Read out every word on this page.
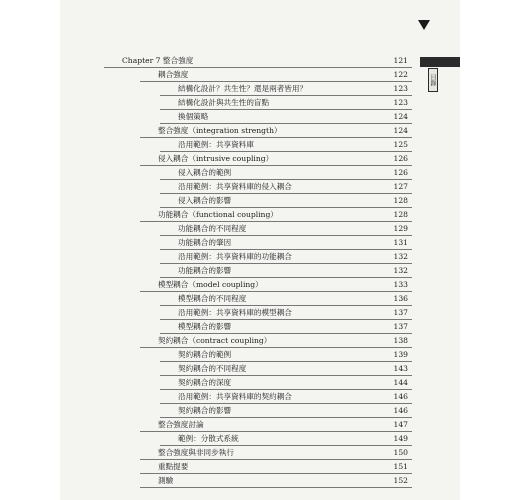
目錄
Chapter 7 整合強度	121
耦合強度	122
結構化設計？共生性？還是兩者皆用？	123
結構化設計與共生性的盲點	123
換個策略	124
整合強度（integration strength）	124
沿用範例：共享資料庫	125
侵入耦合（intrusive coupling）	126
侵入耦合的範例	126
沿用範例：共享資料庫的侵入耦合	127
侵入耦合的影響	128
功能耦合（functional coupling）	128
功能耦合的不同程度	129
功能耦合的肇因	131
沿用範例：共享資料庫的功能耦合	132
功能耦合的影響	132
模型耦合（model coupling）	133
模型耦合的不同程度	136
沿用範例：共享資料庫的模型耦合	137
模型耦合的影響	137
契約耦合（contract coupling）	138
契約耦合的範例	139
契約耦合的不同程度	143
契約耦合的深度	144
沿用範例：共享資料庫的契約耦合	146
契約耦合的影響	146
整合強度討論	147
範例：分散式系統	149
整合強度與非同步執行	150
重點提要	151
測驗	152
